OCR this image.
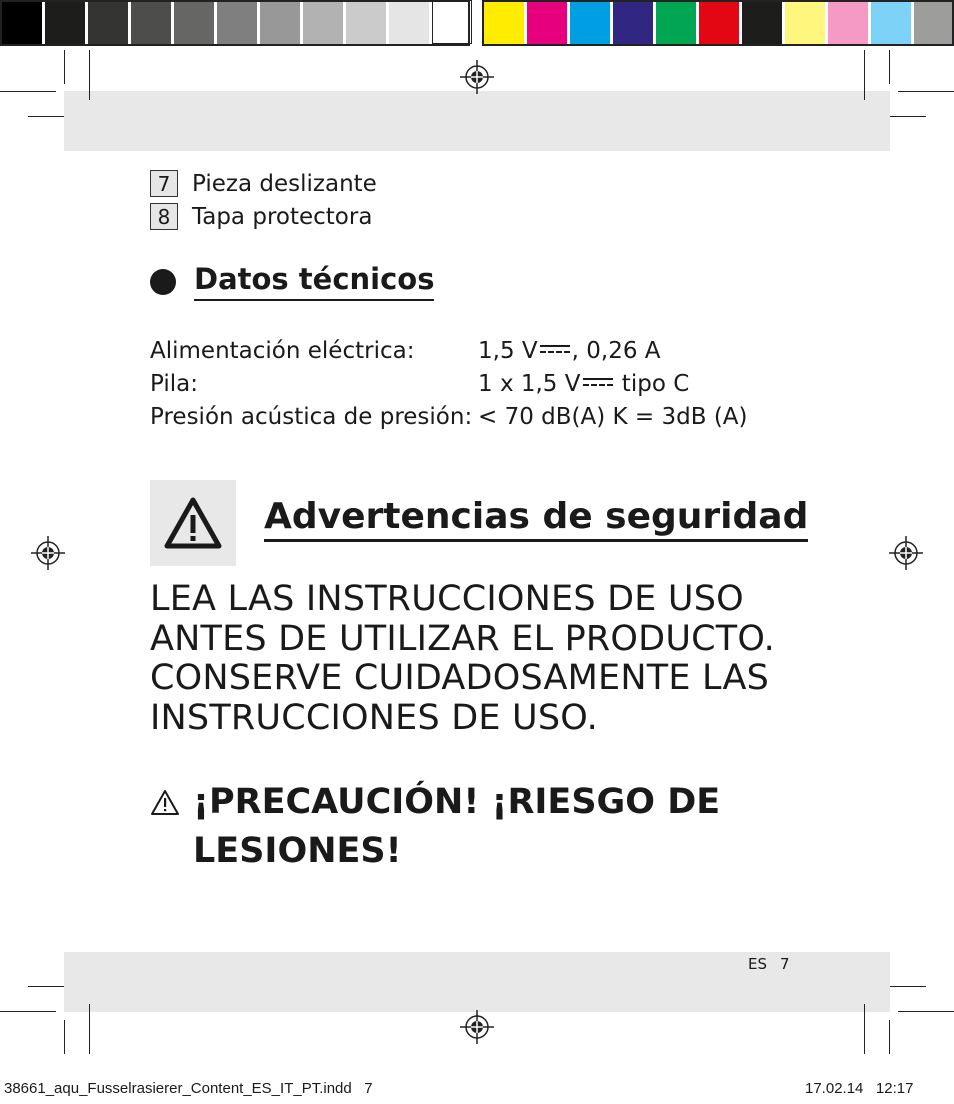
7 Pieza deslizante
8 Tapa protectora
Datos técnicos
Alimentación eléctrica:	1,5 V , 0,26 A
Pila:	1 x 1,5 V tipo C
Presión acústica de presión: < 70 dB(A) K = 3dB (A)
Advertencias de seguridad
LEA LAS INSTRUCCIONES DE USO
ANTES DE UTILIZAR EL PRODUCTO.
CONSERVE CUIDADOSAMENTE LAS
INSTRUCCIONES DE USO.
¡PRECAUCIÓN! ¡RIESGO DE
LESIONES!
ES 7
38661_aqu_Fusselrasierer_Content_ES_IT_PT.indd   7	17.02.14   12:17
